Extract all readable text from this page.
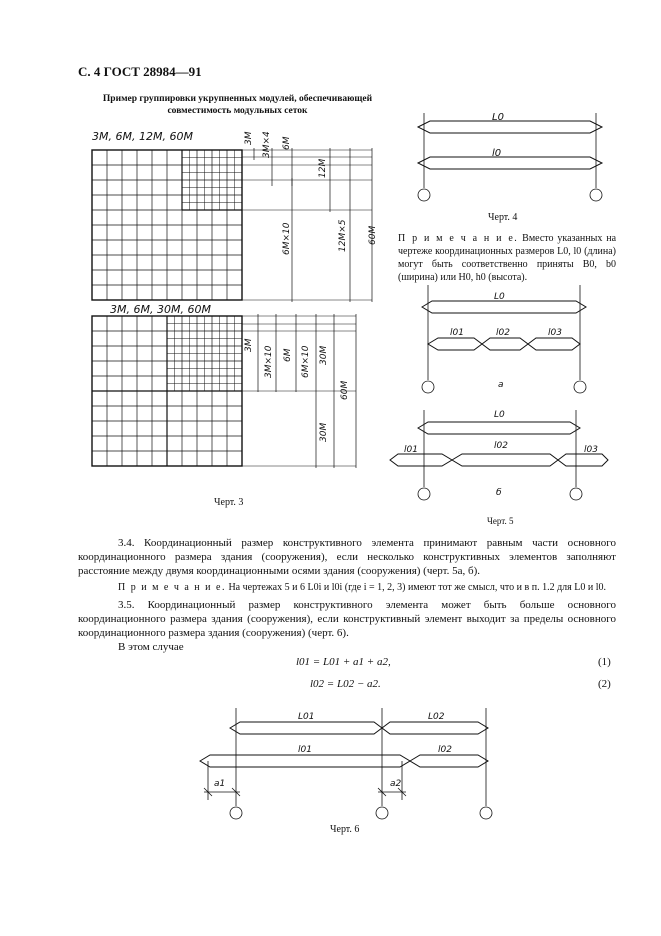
С. 4 ГОСТ 28984—91
Пример группировки укрупненных модулей, обеспечивающей
совместимость модульных сеток
3М, 6М, 12М, 60М
3М, 6М, 30М, 60М
3М 3М×4 6М
12М
6М×10	12М×5 60М
3М
3М×10 6М 6М×10 30М
30М
60М
Черт. 3
L0
l0
Черт. 4
П р и м е ч а н и е. Вместо указанных на чертеже координационных размеров L0, l0 (длина) могут быть соответственно приняты B0, b0 (ширина) или H0, h0 (высота).
L0
l01	l02	l03
а
L0
l01	l02	l03
б
Черт. 5
3.4. Координационный размер конструктивного элемента принимают равным части основного координационного размера здания (сооружения), если несколько конструктивных элементов заполняют расстояние между двумя координационными осями здания (сооружения) (черт. 5а, б).
П р и м е ч а н и е. На чертежах 5 и 6 L0i и l0i (где i = 1, 2, 3) имеют тот же смысл, что и в п. 1.2 для L0 и l0.
3.5. Координационный размер конструктивного элемента может быть больше основного координационного размера здания (сооружения), если конструктивный элемент выходит за пределы основного координационного размера здания (сооружения) (черт. 6).
В этом случае
l01 = L01 + a1 + a2,	(1)
l02 = L02 − a2.	(2)
L01	L02
l01	l02
a1	a2
Черт. 6
